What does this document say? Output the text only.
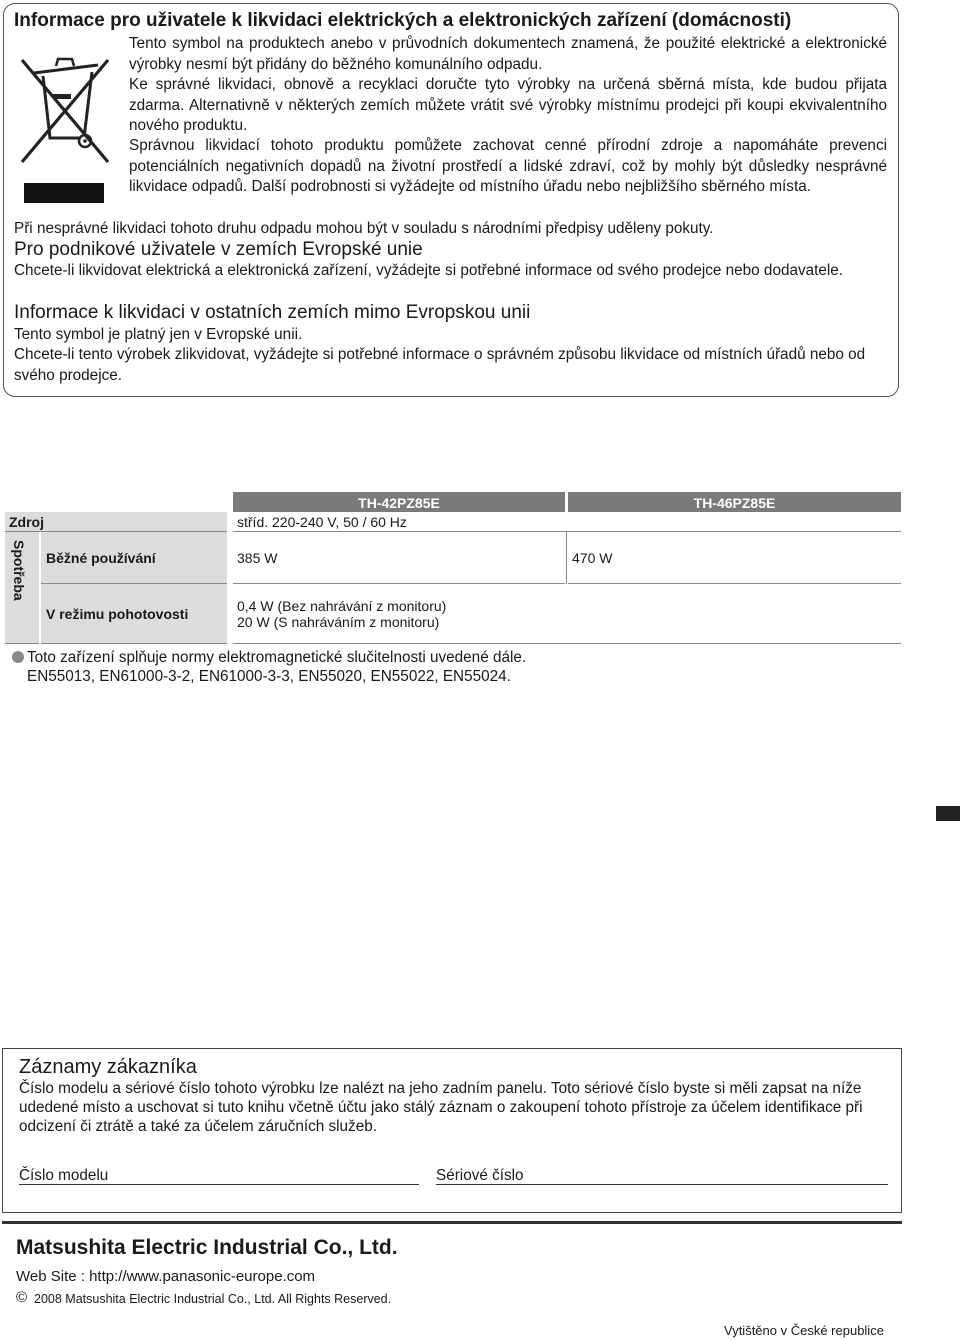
Informace pro uživatele k likvidaci elektrických a elektronických zařízení (domácnosti)
Tento symbol na produktech anebo v průvodních dokumentech znamená, že použité elektrické a elektronické výrobky nesmí být přidány do běžného komunálního odpadu.
Ke správné likvidaci, obnově a recyklaci doručte tyto výrobky na určená sběrná místa, kde budou přijata zdarma. Alternativně v některých zemích můžete vrátit své výrobky místnímu prodejci při koupi ekvivalentního nového produktu.
Správnou likvidací tohoto produktu pomůžete zachovat cenné přírodní zdroje a napomáháte prevenci potenciálních negativních dopadů na životní prostředí a lidské zdraví, což by mohly být důsledky nesprávné likvidace odpadů. Další podrobnosti si vyžádejte od místního úřadu nebo nejbližšího sběrného místa.
Při nesprávné likvidaci tohoto druhu odpadu mohou být v souladu s národními předpisy uděleny pokuty.
Pro podnikové uživatele v zemích Evropské unie
Chcete-li likvidovat elektrická a elektronická zařízení, vyžádejte si potřebné informace od svého prodejce nebo dodavatele.
Informace k likvidaci v ostatních zemích mimo Evropskou unii
Tento symbol je platný jen v Evropské unii.
Chcete-li tento výrobek zlikvidovat, vyžádejte si potřebné informace o správném způsobu likvidace od místních úřadů nebo od svého prodejce.
TH-42PZ85E	TH-46PZ85E
Zdroj	stříd. 220-240 V, 50 / 60 Hz
Spotřeba	Běžné používání	385 W	470 W
V režimu pohotovosti	0,4 W (Bez nahrávání z monitoru)
20 W (S nahráváním z monitoru)
Toto zařízení splňuje normy elektromagnetické slučitelnosti uvedené dále.
EN55013, EN61000-3-2, EN61000-3-3, EN55020, EN55022, EN55024.
Záznamy zákazníka
Číslo modelu a sériové číslo tohoto výrobku lze nalézt na jeho zadním panelu. Toto sériové číslo byste si měli zapsat na níže udedené místo a uschovat si tuto knihu včetně účtu jako stálý záznam o zakoupení tohoto přístroje za účelem identifikace při odcizení či ztrátě a také za účelem záručních služeb.
Číslo modelu	Sériové číslo
Matsushita Electric Industrial Co., Ltd.
Web Site : http://www.panasonic-europe.com
© 2008 Matsushita Electric Industrial Co., Ltd. All Rights Reserved.
Vytištěno v České republice
